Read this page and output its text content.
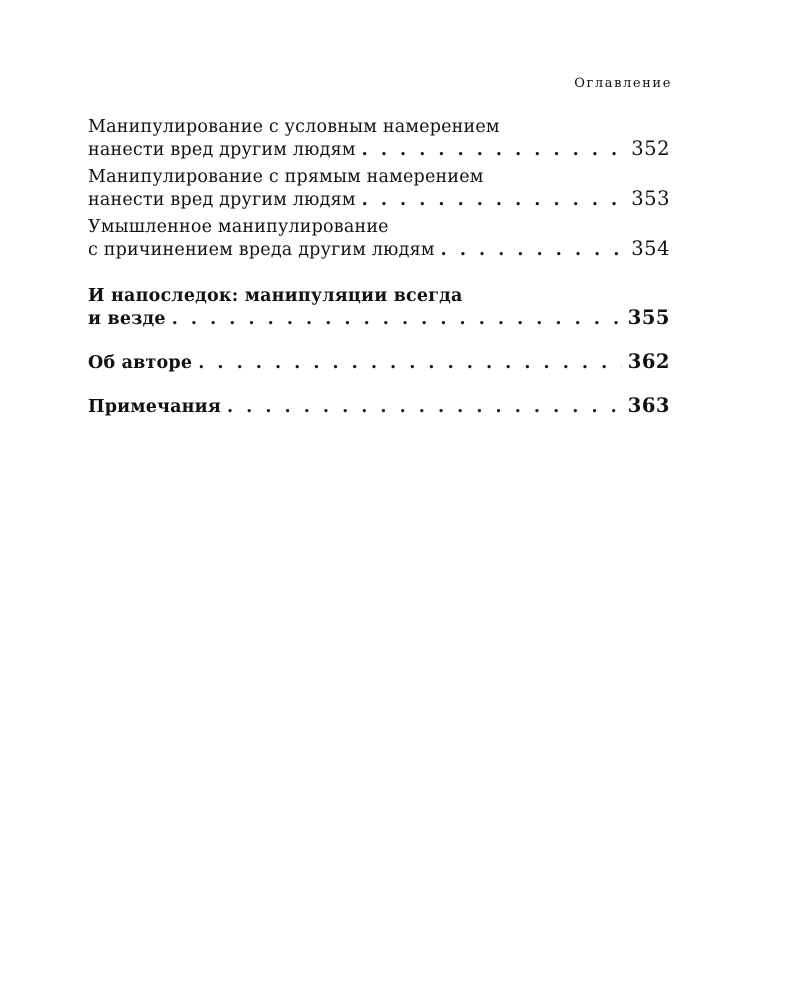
Оглавление
Манипулирование с условным намерением
нанести вред другим людям . . .	352
Манипулирование с прямым намерением
нанести вред другим людям . . .	353
Умышленное манипулирование
с причинением вреда другим людям . . .	354
И напоследок: манипуляции всегда
и везде . . .	355
Об авторе . . .	362
Примечания . . .	363
